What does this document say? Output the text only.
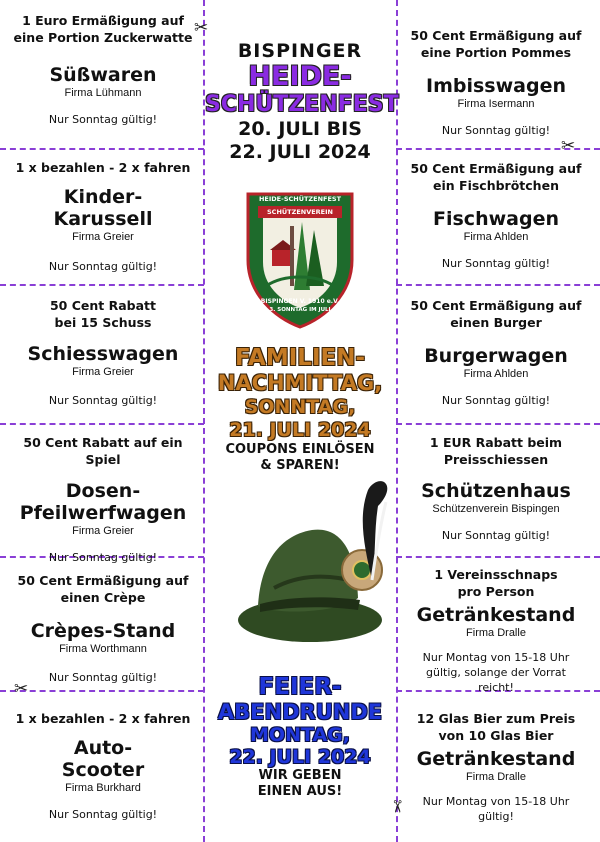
✂
✂
✂
✂
1 Euro Ermäßigung auf
eine Portion Zuckerwatte
Süßwaren
Firma Lühmann
Nur Sonntag gültig!
1 x bezahlen - 2 x fahren
Kinder-
Karussell
Firma Greier
Nur Sonntag gültig!
50 Cent Rabatt
bei 15 Schuss
Schiesswagen
Firma Greier
Nur Sonntag gültig!
50 Cent Rabatt auf ein Spiel
Dosen-
Pfeilwerfwagen
Firma Greier
Nur Sonntag gültig!
50 Cent Ermäßigung auf
einen Crèpe
Crèpes-Stand
Firma Worthmann
Nur Sonntag gültig!
1 x bezahlen - 2 x fahren
Auto-
Scooter
Firma Burkhard
Nur Sonntag gültig!
50 Cent Ermäßigung auf
eine Portion Pommes
Imbisswagen
Firma Isermann
Nur Sonntag gültig!
50 Cent Ermäßigung auf
ein Fischbrötchen
Fischwagen
Firma Ahlden
Nur Sonntag gültig!
50 Cent Ermäßigung auf
einen Burger
Burgerwagen
Firma Ahlden
Nur Sonntag gültig!
1 EUR Rabatt beim
Preisschiessen
Schützenhaus
Schützenverein Bispingen
Nur Sonntag gültig!
1 Vereinsschnaps
pro Person
Getränkestand
Firma Dralle
Nur Montag von 15-18 Uhr
gültig, solange der Vorrat
reicht!
12 Glas Bier zum Preis
von 10 Glas Bier
Getränkestand
Firma Dralle
Nur Montag von 15-18 Uhr
gültig!
BISPINGER
HEIDE-
SCHÜTZENFEST
20. JULI BIS
22. JULI 2024
HEIDE-SCHÜTZENFEST
SCHÜTZENVEREIN
BISPINGEN V. 1910 e.V.
3. SONNTAG IM JULI
FAMILIEN-
NACHMITTAG,
SONNTAG,
21. JULI 2024
COUPONS EINLÖSEN
& SPAREN!
FEIER-
ABENDRUNDE
MONTAG,
22. JULI 2024
WIR GEBEN
EINEN AUS!
